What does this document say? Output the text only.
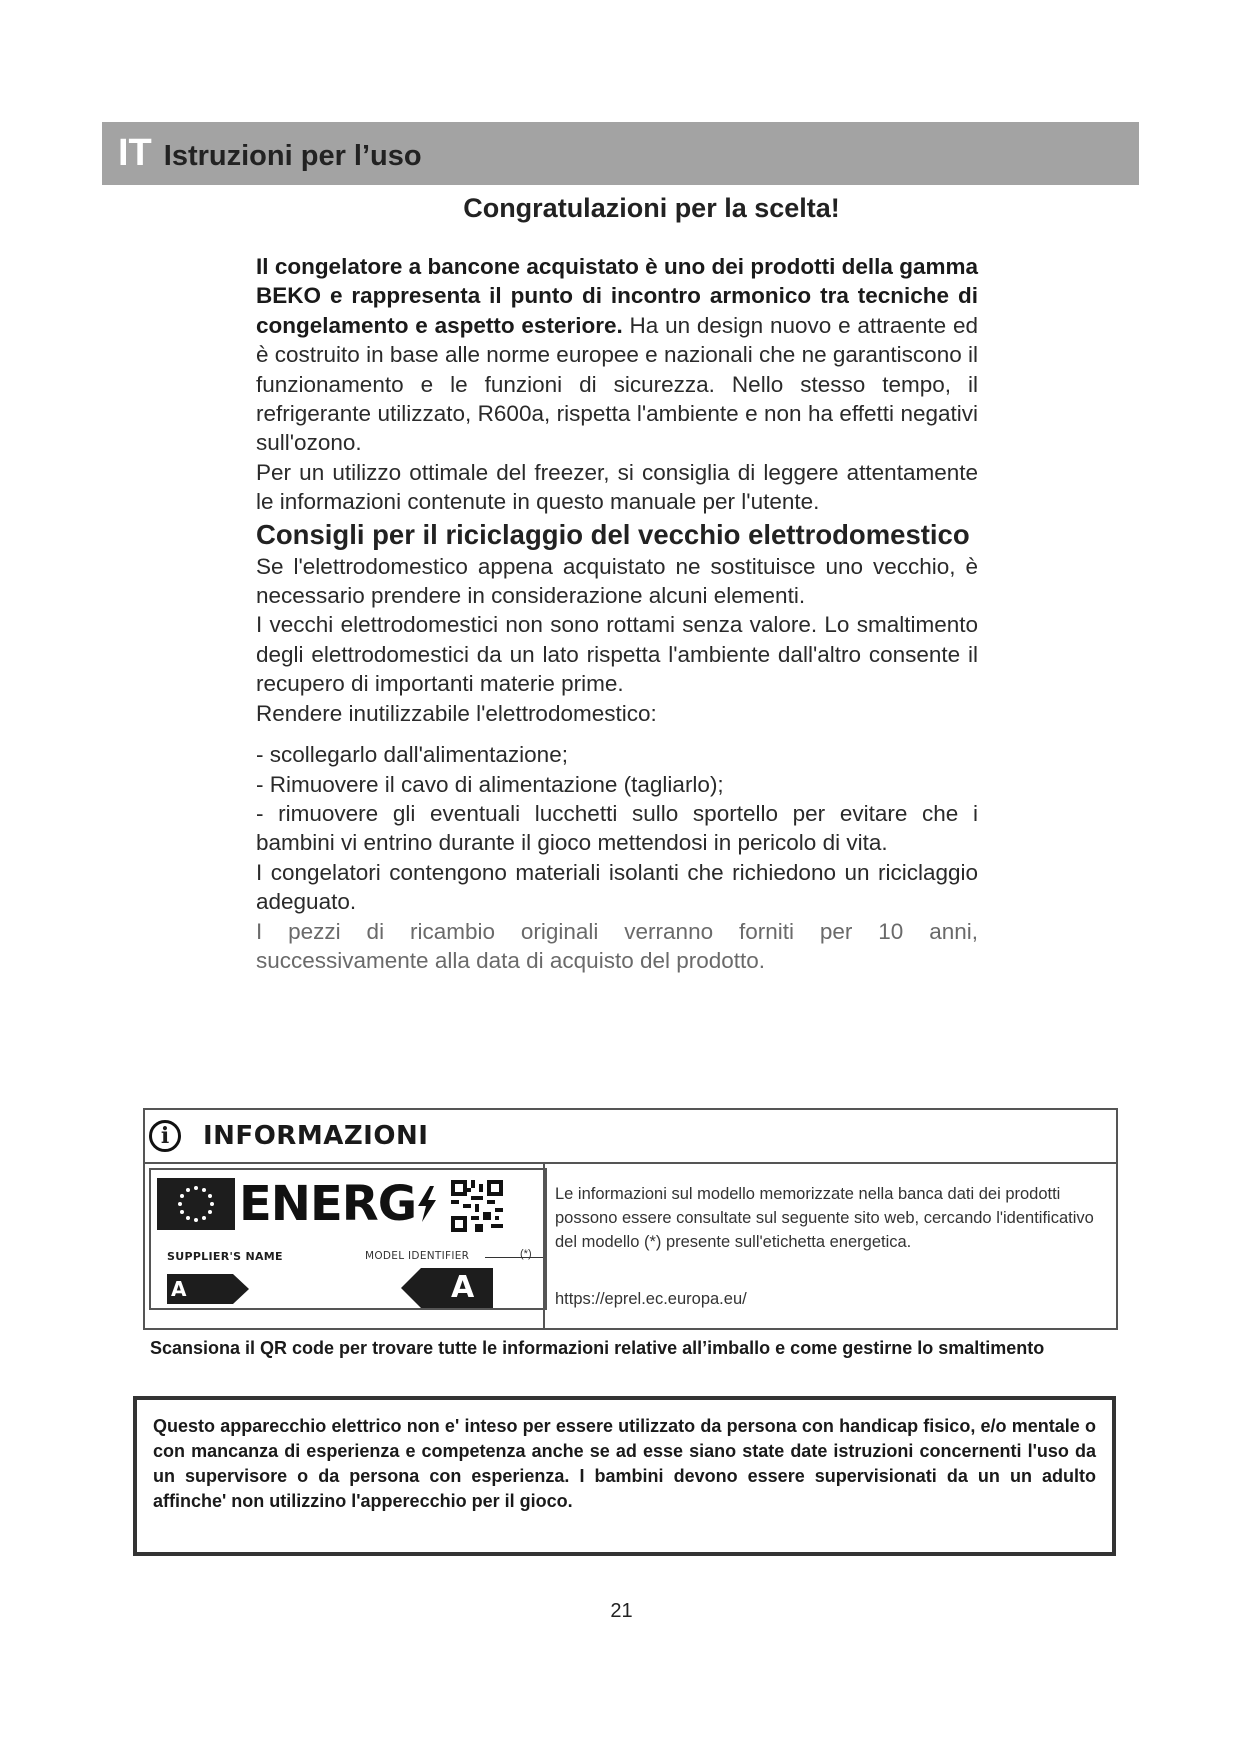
IT Istruzioni per l’uso
Congratulazioni per la scelta!

Il congelatore a bancone acquistato è uno dei prodotti della gamma BEKO e rappresenta il punto di incontro armonico tra tecniche di congelamento e aspetto esteriore. Ha un design nuovo e attraente ed è costruito in base alle norme europee e nazionali che ne garantiscono il funzionamento e le funzioni di sicurezza. Nello stesso tempo, il refrigerante utilizzato, R600a, rispetta l'ambiente e non ha effetti negativi sull'ozono.

Per un utilizzo ottimale del freezer, si consiglia di leggere attentamente le informazioni contenute in questo manuale per l'utente.

Consigli per il riciclaggio del vecchio elettrodomestico

Se l'elettrodomestico appena acquistato ne sostituisce uno vecchio, è necessario prendere in considerazione alcuni elementi.

I vecchi elettrodomestici non sono rottami senza valore. Lo smaltimento degli elettrodomestici da un lato rispetta l'ambiente dall'altro consente il recupero di importanti materie prime.

Rendere inutilizzabile l'elettrodomestico:

- scollegarlo dall'alimentazione;

- Rimuovere il cavo di alimentazione (tagliarlo);

- rimuovere gli eventuali lucchetti sullo sportello per evitare che i bambini vi entrino durante il gioco mettendosi in pericolo di vita.

I congelatori contengono materiali isolanti che richiedono un riciclaggio adeguato.

I pezzi di ricambio originali verranno forniti per 10 anni, successivamente alla data di acquisto del prodotto.

i	INFORMAZIONI
ENERG
SUPPLIER'S NAME	MODEL IDENTIFIER
A	A
(*)
Le informazioni sul modello memorizzate nella banca dati dei prodotti possono essere consultate sul seguente sito web, cercando l'identificativo del modello (*) presente sull'etichetta energetica.
https://eprel.ec.europa.eu/
Scansiona il QR code per trovare tutte le informazioni relative all’imballo e come gestirne lo smaltimento

Questo apparecchio elettrico non e' inteso per essere utilizzato da persona con handicap fisico, e/o mentale o con mancanza di esperienza e competenza anche se ad esse siano state date istruzioni concernenti l'uso da un supervisore o da persona con esperienza. I bambini devono essere supervisionati da un un adulto affinche' non utilizzino l'apperecchio per il gioco.

21
